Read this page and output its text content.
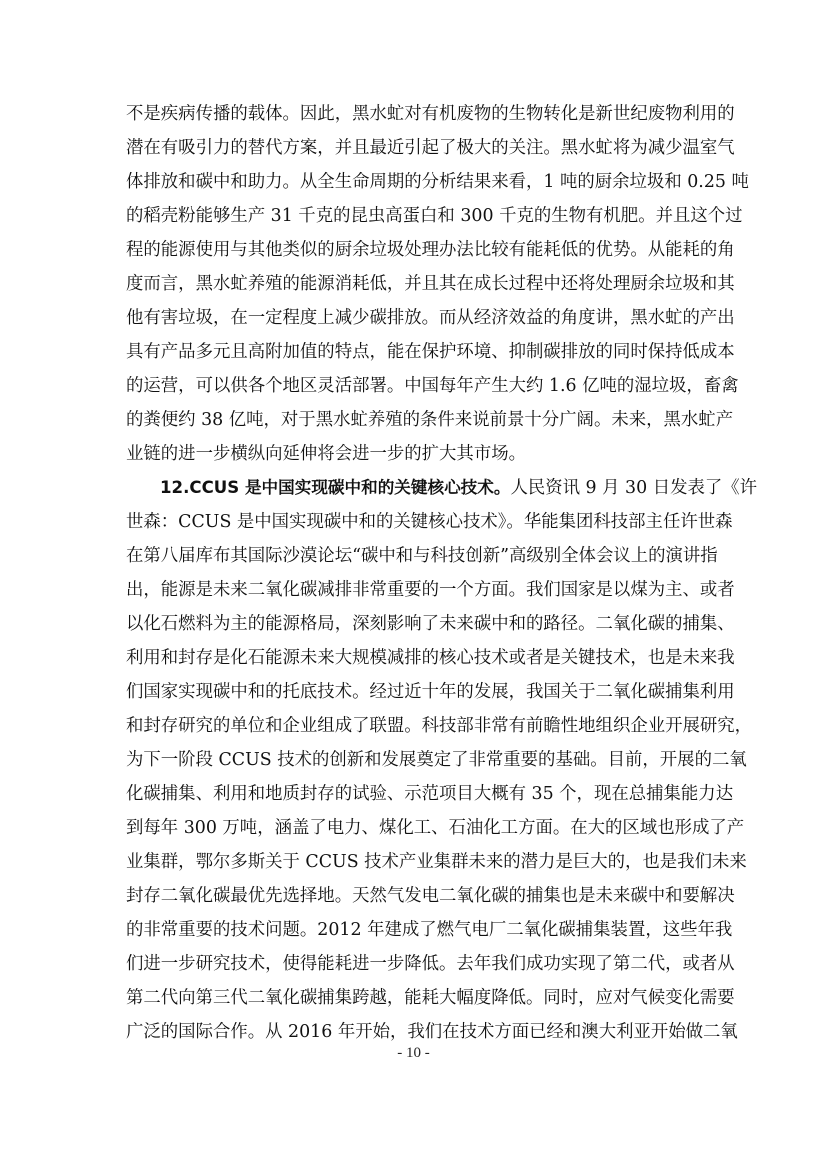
不是疾病传播的载体。因此，黑水虻对有机废物的生物转化是新世纪废物利用的
潜在有吸引力的替代方案，并且最近引起了极大的关注。黑水虻将为减少温室气
体排放和碳中和助力。从全生命周期的分析结果来看，1 吨的厨余垃圾和 0.25 吨
的稻壳粉能够生产 31 千克的昆虫高蛋白和 300 千克的生物有机肥。并且这个过
程的能源使用与其他类似的厨余垃圾处理办法比较有能耗低的优势。从能耗的角
度而言，黑水虻养殖的能源消耗低，并且其在成长过程中还将处理厨余垃圾和其
他有害垃圾，在一定程度上减少碳排放。而从经济效益的角度讲，黑水虻的产出
具有产品多元且高附加值的特点，能在保护环境、抑制碳排放的同时保持低成本
的运营，可以供各个地区灵活部署。中国每年产生大约 1.6 亿吨的湿垃圾，畜禽
的粪便约 38 亿吨，对于黑水虻养殖的条件来说前景十分广阔。未来，黑水虻产
业链的进一步横纵向延伸将会进一步的扩大其市场。
12.CCUS 是中国实现碳中和的关键核心技术。人民资讯 9 月 30 日发表了《许
世森：CCUS 是中国实现碳中和的关键核心技术》。华能集团科技部主任许世森
在第八届库布其国际沙漠论坛“碳中和与科技创新”高级别全体会议上的演讲指
出，能源是未来二氧化碳减排非常重要的一个方面。我们国家是以煤为主、或者
以化石燃料为主的能源格局，深刻影响了未来碳中和的路径。二氧化碳的捕集、
利用和封存是化石能源未来大规模减排的核心技术或者是关键技术，也是未来我
们国家实现碳中和的托底技术。经过近十年的发展，我国关于二氧化碳捕集利用
和封存研究的单位和企业组成了联盟。科技部非常有前瞻性地组织企业开展研究，
为下一阶段 CCUS 技术的创新和发展奠定了非常重要的基础。目前，开展的二氧
化碳捕集、利用和地质封存的试验、示范项目大概有 35 个，现在总捕集能力达
到每年 300 万吨，涵盖了电力、煤化工、石油化工方面。在大的区域也形成了产
业集群，鄂尔多斯关于 CCUS 技术产业集群未来的潜力是巨大的，也是我们未来
封存二氧化碳最优先选择地。天然气发电二氧化碳的捕集也是未来碳中和要解决
的非常重要的技术问题。2012 年建成了燃气电厂二氧化碳捕集装置，这些年我
们进一步研究技术，使得能耗进一步降低。去年我们成功实现了第二代，或者从
第二代向第三代二氧化碳捕集跨越，能耗大幅度降低。同时，应对气候变化需要
广泛的国际合作。从 2016 年开始，我们在技术方面已经和澳大利亚开始做二氧
- 10 -
